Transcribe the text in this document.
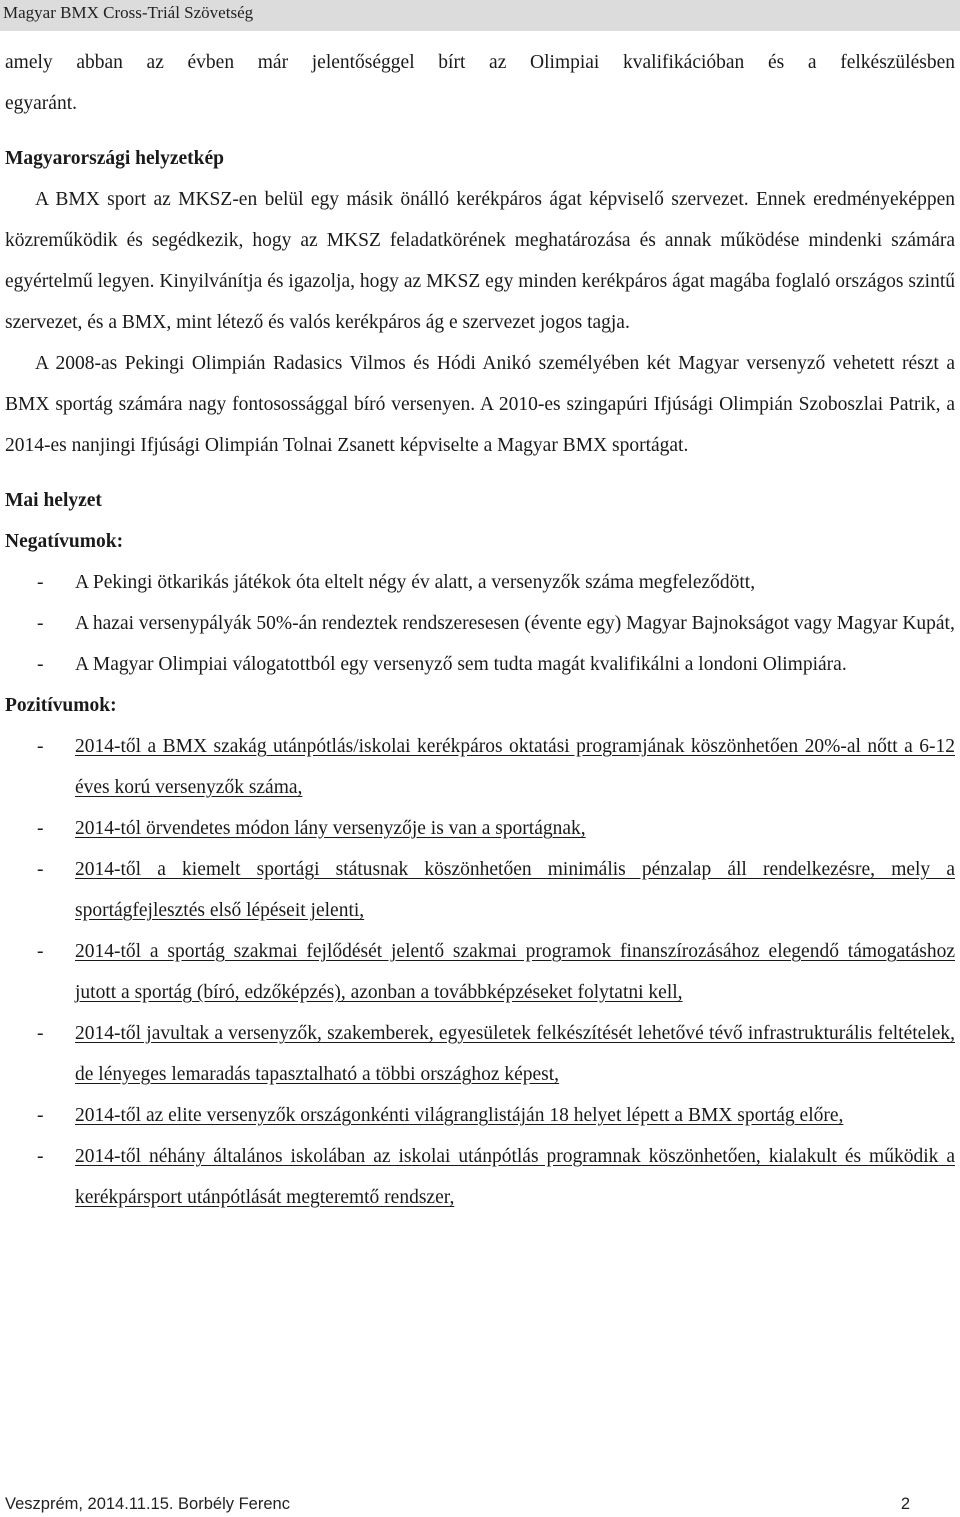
Magyar BMX Cross-Triál Szövetség

amely abban az évben már jelentőséggel bírt az Olimpiai kvalifikációban és a felkészülésben

egyaránt.

Magyarországi helyzetkép

A BMX sport az MKSZ-en belül egy másik önálló kerékpáros ágat képviselő szervezet. Ennek eredményeképpen közreműködik és segédkezik, hogy az MKSZ feladatkörének meghatározása és annak működése mindenki számára egyértelmű legyen. Kinyilvánítja és igazolja, hogy az MKSZ egy minden kerékpáros ágat magába foglaló országos szintű szervezet, és a BMX, mint létező és valós kerékpáros ág e szervezet jogos tagja.

A 2008-as Pekingi Olimpián Radasics Vilmos és Hódi Anikó személyében két Magyar versenyző vehetett részt a BMX sportág számára nagy fontosossággal bíró versenyen. A 2010-es szingapúri Ifjúsági Olimpián Szoboszlai Patrik, a 2014-es nanjingi Ifjúsági Olimpián Tolnai Zsanett képviselte a Magyar BMX sportágat.

Mai helyzet

Negatívumok:

- A Pekingi ötkarikás játékok óta eltelt négy év alatt, a versenyzők száma megfeleződött,
- A hazai versenypályák 50%-án rendeztek rendszeresesen (évente egy) Magyar Bajnokságot vagy Magyar Kupát,
- A Magyar Olimpiai válogatottból egy versenyző sem tudta magát kvalifikálni a londoni Olimpiára.

Pozitívumok:

- 2014-től a BMX szakág utánpótlás/iskolai kerékpáros oktatási programjának köszönhetően 20%-al nőtt a 6-12 éves korú versenyzők száma,
- 2014-tól örvendetes módon lány versenyzője is van a sportágnak,
- 2014-től a kiemelt sportági státusnak köszönhetően minimális pénzalap áll rendelkezésre, mely a sportágfejlesztés első lépéseit jelenti,
- 2014-től a sportág szakmai fejlődését jelentő szakmai programok finanszírozásához elegendő támogatáshoz jutott a sportág (bíró, edzőképzés), azonban a továbbképzéseket folytatni kell,
- 2014-től javultak a versenyzők, szakemberek, egyesületek felkészítését lehetővé tévő infrastrukturális feltételek, de lényeges lemaradás tapasztalható a többi országhoz képest,
- 2014-től az elite versenyzők országonkénti világranglistáján 18 helyet lépett a BMX sportág előre,
- 2014-től néhány általános iskolában az iskolai utánpótlás programnak köszönhetően, kialakult és működik a kerékpársport utánpótlását megteremtő rendszer,
Veszprém, 2014.11.15. Borbély Ferenc	2
